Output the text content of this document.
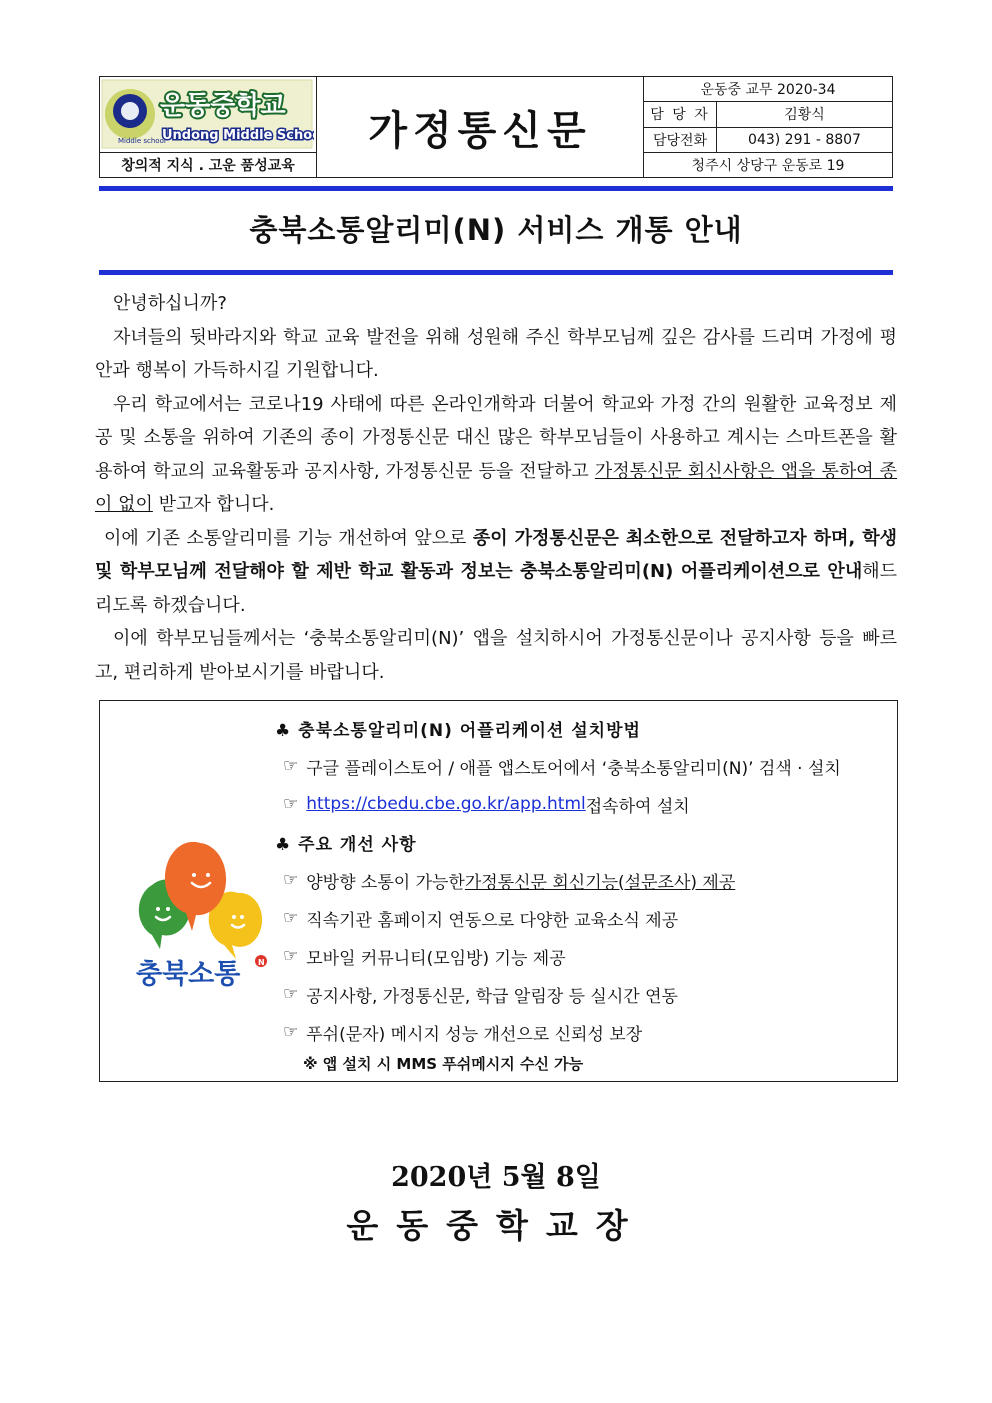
Middle school
운동중학교
Undong Middle School
창의적 지식 . 고운 품성교육
가정통신문
운동중 교무 2020-34
담 당 자	김황식
담당전화	043) 291 - 8807
청주시 상당구 운동로 19
충북소통알리미(N) 서비스 개통 안내

안녕하십니까?

자녀들의 뒷바라지와 학교 교육 발전을 위해 성원해 주신 학부모님께 깊은 감사를 드리며 가정에 평안과 행복이 가득하시길 기원합니다.

우리 학교에서는 코로나19 사태에 따른 온라인개학과 더불어 학교와 가정 간의 원활한 교육정보 제공 및 소통을 위하여 기존의 종이 가정통신문 대신 많은 학부모님들이 사용하고 계시는 스마트폰을 활용하여 학교의 교육활동과 공지사항, 가정통신문 등을 전달하고 가정통신문 회신사항은 앱을 통하여 종이 없이 받고자 합니다.

이에 기존 소통알리미를 기능 개선하여 앞으로 종이 가정통신문은 최소한으로 전달하고자 하며, 학생 및 학부모님께 전달해야 할 제반 학교 활동과 정보는 충북소통알리미(N) 어플리케이션으로 안내해드리도록 하겠습니다.

이에 학부모님들께서는 ‘충북소통알리미(N)’ 앱을 설치하시어 가정통신문이나 공지사항 등을 빠르고, 편리하게 받아보시기를 바랍니다.

충북소통 N
♣ 충북소통알리미(N) 어플리케이션 설치방법
☞ 구글 플레이스토어 / 애플 앱스토어에서 ‘충북소통알리미(N)’ 검색 · 설치
☞ https://cbedu.cbe.go.kr/app.html 접속하여 설치
♣ 주요 개선 사항
☞ 양방향 소통이 가능한 가정통신문 회신기능(설문조사) 제공
☞ 직속기관 홈페이지 연동으로 다양한 교육소식 제공
☞ 모바일 커뮤니티(모임방) 기능 제공
☞ 공지사항, 가정통신문, 학급 알림장 등 실시간 연동
☞ 푸쉬(문자) 메시지 성능 개선으로 신뢰성 보장
※ 앱 설치 시 MMS 푸쉬메시지 수신 가능
2020년 5월 8일
운동중학교장
